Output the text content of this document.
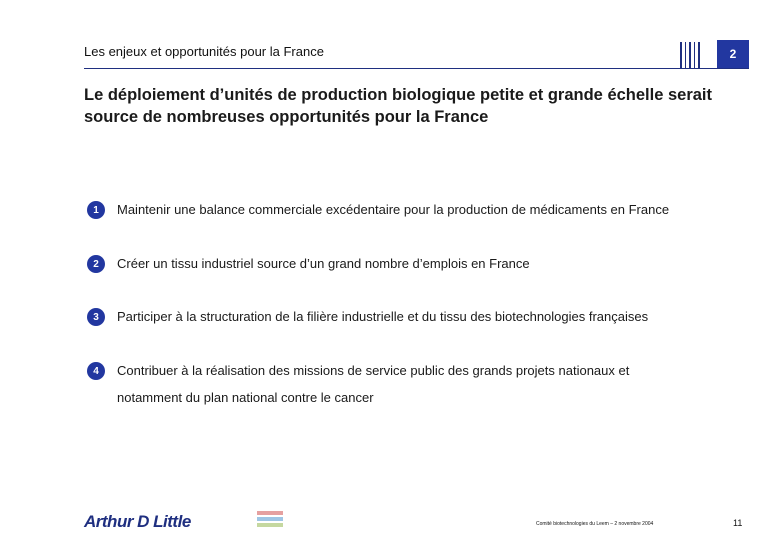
Les enjeux et opportunités pour la France	2
Le déploiement d’unités de production biologique petite et grande échelle serait source de nombreuses opportunités pour la France
1	Maintenir une balance commerciale excédentaire pour la production de médicaments en France
2	Créer un tissu industriel source d’un grand nombre d’emplois en France
3	Participer à la structuration de la filière industrielle et du tissu des biotechnologies françaises
4	Contribuer à la réalisation des missions de service public des grands projets nationaux et notamment du plan national contre le cancer
Arthur D Little	Comité biotechnologies du Leem – 2 novembre 2004	11
